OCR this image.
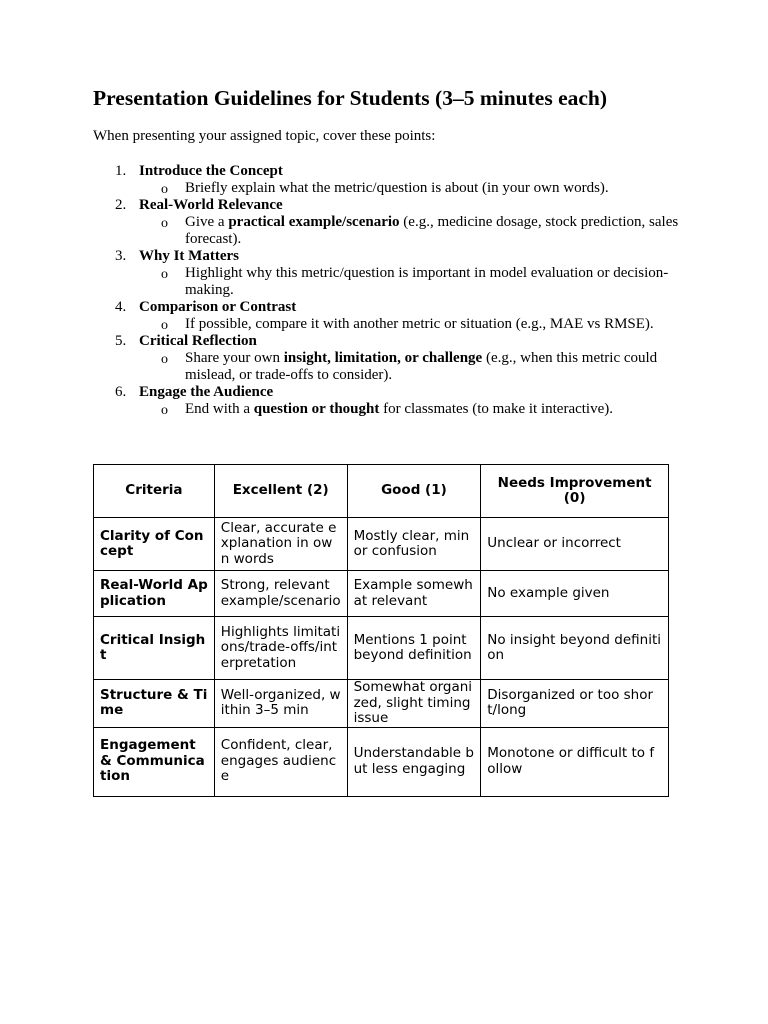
Presentation Guidelines for Students (3–5 minutes each)

When presenting your assigned topic, cover these points:

1. Introduce the Concept
o Briefly explain what the metric/question is about (in your own words).
2. Real-World Relevance
o Give a practical example/scenario (e.g., medicine dosage, stock prediction, sales forecast).
3. Why It Matters
o Highlight why this metric/question is important in model evaluation or decision-making.
4. Comparison or Contrast
o If possible, compare it with another metric or situation (e.g., MAE vs RMSE).
5. Critical Reflection
o Share your own insight, limitation, or challenge (e.g., when this metric could mislead, or trade-offs to consider).
6. Engage the Audience
o End with a question or thought for classmates (to make it interactive).
Criteria	Excellent (2)	Good (1)	Needs Improvement (0)
Clarity of Concept	Clear, accurate explanation in own words	Mostly clear, minor confusion	Unclear or incorrect
Real-World Application	Strong, relevant example/scenario	Example somewhat relevant	No example given
Critical Insight	Highlights limitations/trade-offs/interpretation	Mentions 1 point beyond definition	No insight beyond definition
Structure & Time	Well-organized, within 3–5 min	Somewhat organized, slight timing issue	Disorganized or too short/long
Engagement & Communication	Confident, clear, engages audience	Understandable but less engaging	Monotone or difficult to follow
